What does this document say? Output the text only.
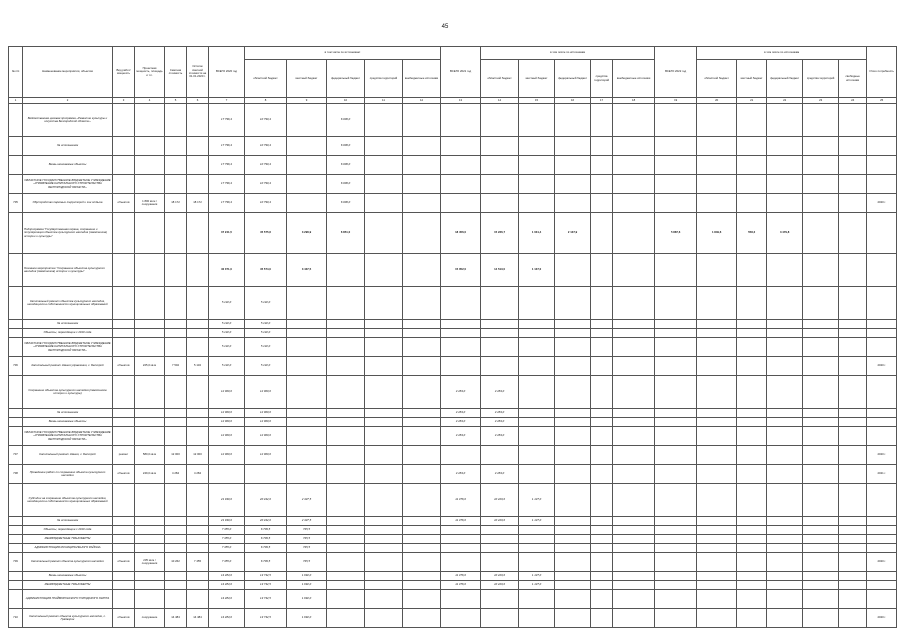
45
№ п/п	Наименование мероприятия, объектов	Вид работ/мощность	Проектная мощность, площадь и т.п.	Сметная стоимость	Остаток сметной стоимости на 01.01.2020 г.	ВСЕГО 2020 год	в том числе по источникам:					ВСЕГО 2021 год	в том числе по источникам					ВСЕГО 2022 год	в том числе по источникам					Итого потребность
							областной бюджет	местный бюджет	федеральный бюджет	средства территорий	внебюджетные источники		областной бюджет	местный бюджет	федеральный бюджет	средства территорий	внебюджетные источники		областной бюджет	местный бюджет	федеральный бюджет	средства территорий	свободные источники	
1	2	3	4	5	6	7	8	9	10	11	12	13	14	15	16	17	18	19	20	21	22	23	24	25
	Ведомственная целевая программа «Развитие культуры и искусства Белгородской области»					17 796,4	10 790,4		6 006,0															
	За исполнением					17 796,4	10 790,4		6 006,0															
	Вновь начинаемые объекты					17 796,4	10 790,4		6 006,0															
	ОБЛАСТНОЕ ГОСУДАРСТВЕННОЕ БЮДЖЕТНОЕ УЧРЕЖДЕНИЕ «УПРАВЛЕНИЕ КАПИТАЛЬНОГО СТРОИТЕЛЬСТВА БЕЛГОРОДСКОЙ ОБЛАСТИ»					17 796,4	10 790,4		6 006,0															
705	Обустройство парковых территорий и зон отдыха	объектов	1 800 кв.м / сооружения	18 172	18 172	17 796,4	10 790,4		6 006,0															2020 г.
	Подпрограмма "Государственная охрана, сохранение и популяризация объектов культурного наследия (памятников) истории и культуры"					37 241,5	45 575,6	3 296,9	6 851,0			18 456,0	15 236,7	1 031,4	2 137,9			5 887,6	1 849,6	558,2	3 479,8			
	Основное мероприятие "Сохранение объектов культурного наследия (памятников) истории и культуры"					40 071,0	45 574,0	3 437,5				15 052,0	14 513,0	1 137,0										
	Капитальный ремонт объектов культурного наследия, находящихся в собственности муниципальных образований					5 132,0	5 132,0																	
	За исполнением					5 132,0	5 132,0																	
	Объекты, переходящие с 2019 года					5 132,0	5 132,0																	
	ОБЛАСТНОЕ ГОСУДАРСТВЕННОЕ БЮДЖЕТНОЕ УЧРЕЖДЕНИЕ «УПРАВЛЕНИЕ КАПИТАЛЬНОГО СТРОИТЕЛЬСТВА БЕЛГОРОДСКОЙ ОБЛАСТИ»					5 132,0	5 132,0																	
706	Капитальный ремонт здания управления, г. Белгород	объектов	225,0 кв.м	7 502	5 132	5 132,0	5 132,0																	2020 г.
	Сохранение объектов культурного наследия (памятников истории и культуры)					12 000,0	12 000,0					4 284,0	4 284,0											
	За исполнением					12 000,0	12 000,0					4 284,0	4 284,0											
	Вновь начинаемые объекты					12 000,0	12 000,0					4 284,0	4 284,0											
	ОБЛАСТНОЕ ГОСУДАРСТВЕННОЕ БЮДЖЕТНОЕ УЧРЕЖДЕНИЕ «УПРАВЛЕНИЕ КАПИТАЛЬНОГО СТРОИТЕЛЬСТВА БЕЛГОРОДСКОЙ ОБЛАСТИ»					12 000,0	12 000,0					4 284,0	4 284,0											
707	Капитальный ремонт здания, г. Белгород	ремонт	580,0 кв.м	12 000	12 000	12 000,0	12 000,0																	2020 г.
708	Проведение работ по сохранению объекта культурного наследия	объектов	249,0 кв.м	4 284	4 284							4 284,0	4 284,0											2021 г.
	Субсидии на сохранение объектов культурного наследия, находящихся в собственности муниципальных образований					21 939,0	20 442,0	2 437,5				11 376,0	10 229,0	1 137,0										
	За исполнением					21 939,0	20 442,0	2 437,5				11 376,0	10 229,0	1 137,0										
	Объекты, переходящие с 2019 года					7 455,0	6 709,5	745,5																
	МЕЖБЮДЖЕТНЫЕ ТРАНСФЕРТЫ					7 455,0	6 709,5	745,5																
	АДМИНИСТРАЦИЯ МУНИЦИПАЛЬНОГО РАЙОНА					7 455,0	6 709,5	745,5																
709	Капитальный ремонт объекта культурного наследия	объектов	235 кв.м / сооружения	10 262	7 455	7 455,0	6 709,5	745,5																2020 г.
	Вновь начинаемые объекты					14 484,0	13 732,5	1 692,0				11 376,0	10 229,0	1 137,0										
	МЕЖБЮДЖЕТНЫЕ ТРАНСФЕРТЫ					14 484,0	13 732,5	1 692,0				11 376,0	10 229,0	1 137,0										
	АДМИНИСТРАЦИЯ ГРАЙВОРОНСКОГО ГОРОДСКОГО ОКРУГА					14 484,0	13 732,5	1 692,0																
710	Капитальный ремонт объекта культурного наследия, г. Грайворон	объектов	сооружение	14 484	14 484	14 484,0	13 732,5	1 692,0																2020 г.
